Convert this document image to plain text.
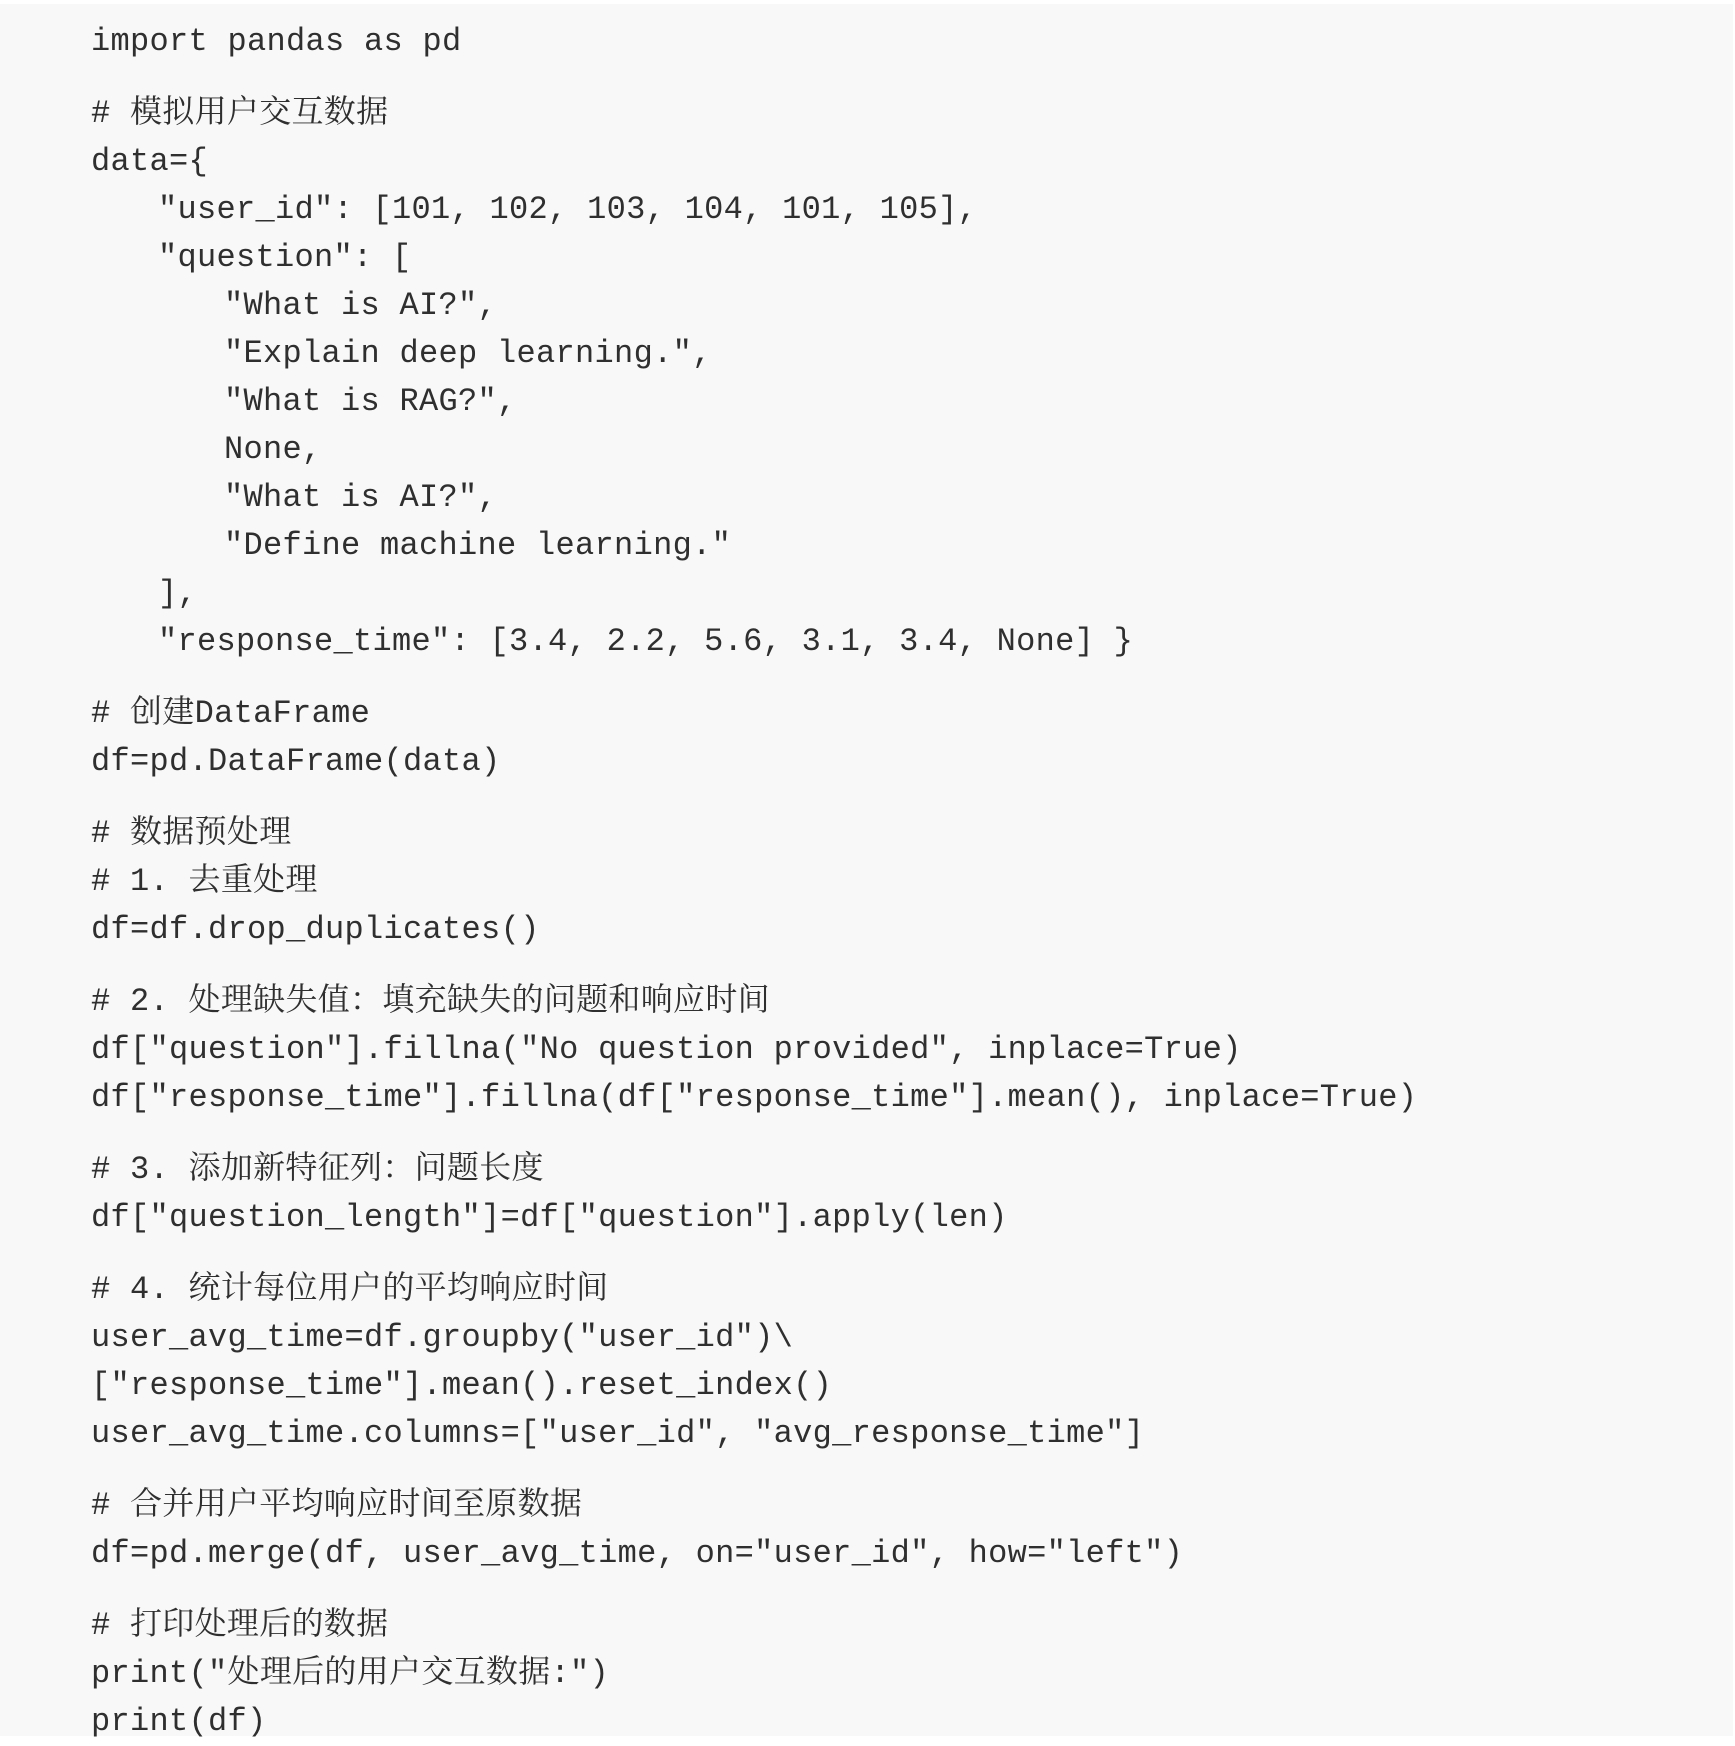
import pandas as pd
# 模拟用户交互数据
data={
"user_id": [101, 102, 103, 104, 101, 105],
"question": [
"What is AI?",
"Explain deep learning.",
"What is RAG?",
None,
"What is AI?",
"Define machine learning."
],
"response_time": [3.4, 2.2, 5.6, 3.1, 3.4, None] }
# 创建DataFrame
df=pd.DataFrame(data)
# 数据预处理
# 1. 去重处理
df=df.drop_duplicates()
# 2. 处理缺失值：填充缺失的问题和响应时间
df["question"].fillna("No question provided", inplace=True)
df["response_time"].fillna(df["response_time"].mean(), inplace=True)
# 3. 添加新特征列：问题长度
df["question_length"]=df["question"].apply(len)
# 4. 统计每位用户的平均响应时间
user_avg_time=df.groupby("user_id")\
["response_time"].mean().reset_index()
user_avg_time.columns=["user_id", "avg_response_time"]
# 合并用户平均响应时间至原数据
df=pd.merge(df, user_avg_time, on="user_id", how="left")
# 打印处理后的数据
print("处理后的用户交互数据:")
print(df)
